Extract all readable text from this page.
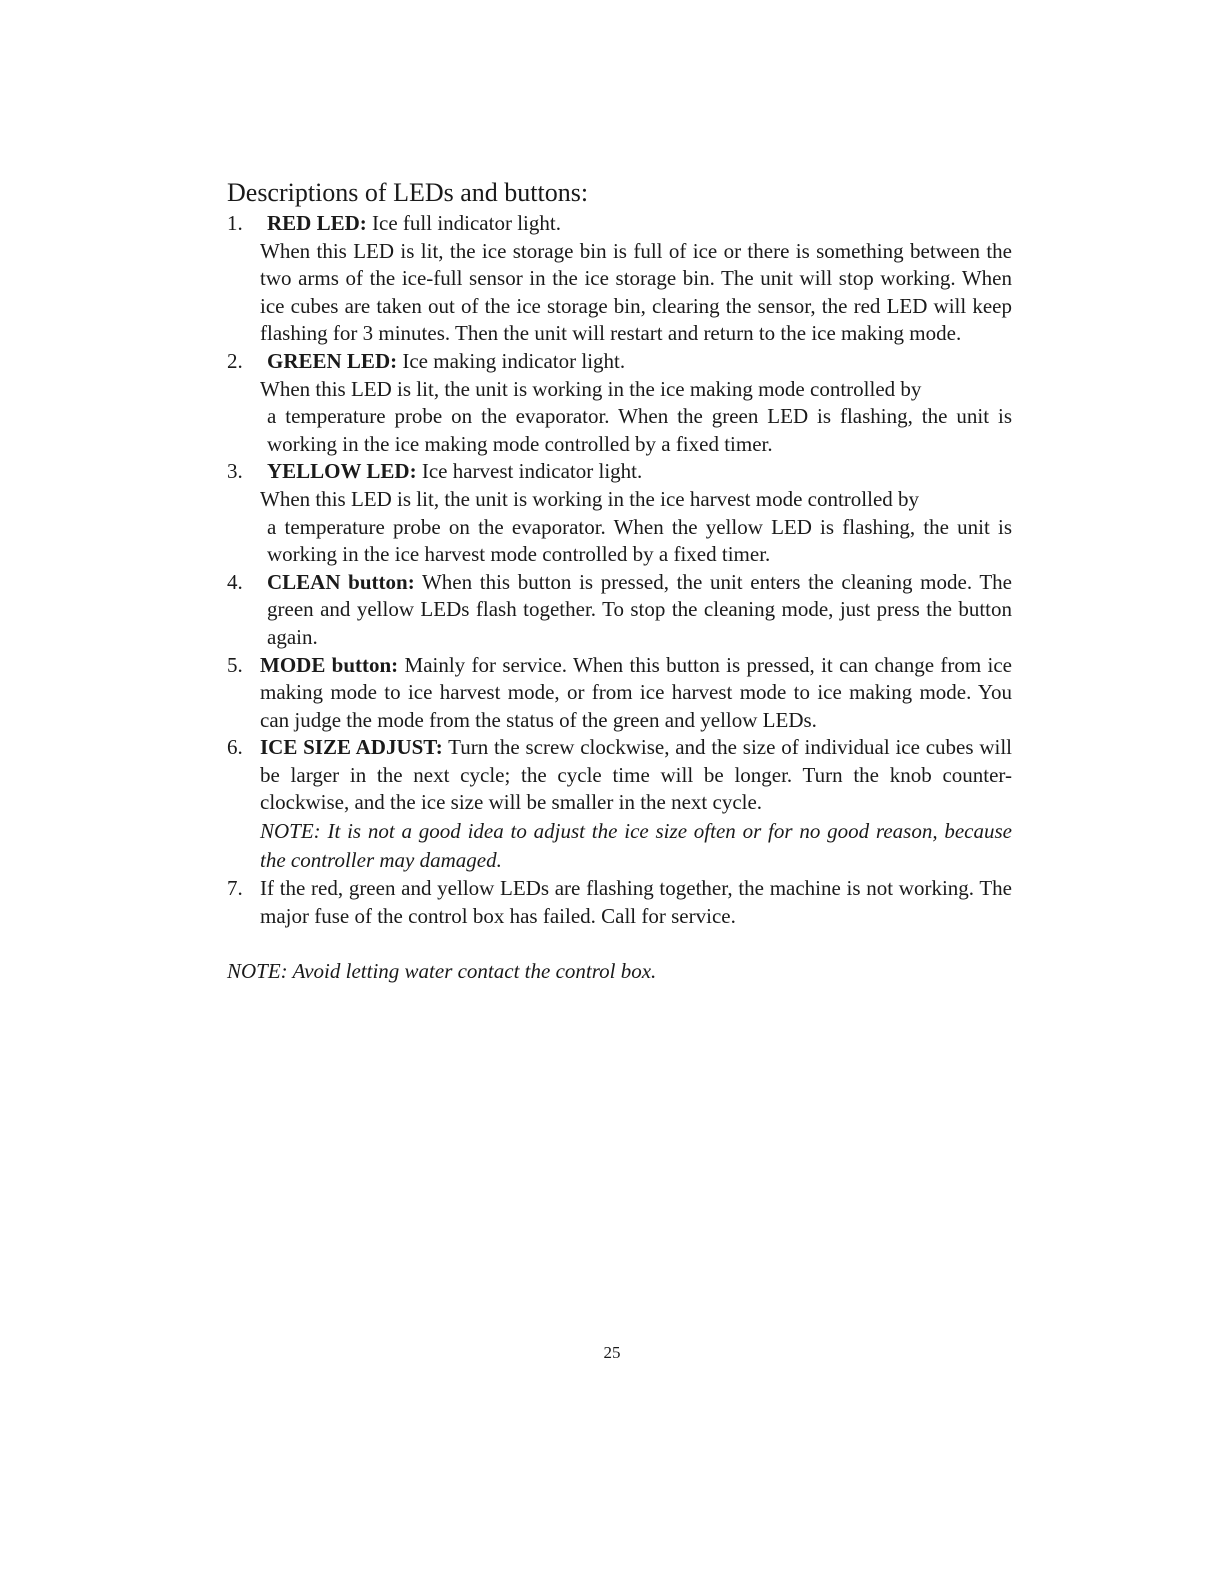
Descriptions of LEDs and buttons:
1. RED LED: Ice full indicator light.

When this LED is lit, the ice storage bin is full of ice or there is something between the two arms of the ice-full sensor in the ice storage bin. The unit will stop working. When ice cubes are taken out of the ice storage bin, clearing the sensor, the red LED will keep flashing for 3 minutes. Then the unit will restart and return to the ice making mode.

2. GREEN LED: Ice making indicator light.

When this LED is lit, the unit is working in the ice making mode controlled by

a temperature probe on the evaporator. When the green LED is flashing, the unit is working in the ice making mode controlled by a fixed timer.

3. YELLOW LED: Ice harvest indicator light.

When this LED is lit, the unit is working in the ice harvest mode controlled by

a temperature probe on the evaporator. When the yellow LED is flashing, the unit is working in the ice harvest mode controlled by a fixed timer.

4. CLEAN button: When this button is pressed, the unit enters the cleaning mode. The green and yellow LEDs flash together. To stop the cleaning mode, just press the button again.

5. MODE button: Mainly for service. When this button is pressed, it can change from ice making mode to ice harvest mode, or from ice harvest mode to ice making mode. You can judge the mode from the status of the green and yellow LEDs.

6. ICE SIZE ADJUST: Turn the screw clockwise, and the size of individual ice cubes will be larger in the next cycle; the cycle time will be longer. Turn the knob counter-clockwise, and the ice size will be smaller in the next cycle.

NOTE: It is not a good idea to adjust the ice size often or for no good reason, because the controller may damaged.

7. If the red, green and yellow LEDs are flashing together, the machine is not working. The major fuse of the control box has failed. Call for service.

NOTE: Avoid letting water contact the control box.

25
